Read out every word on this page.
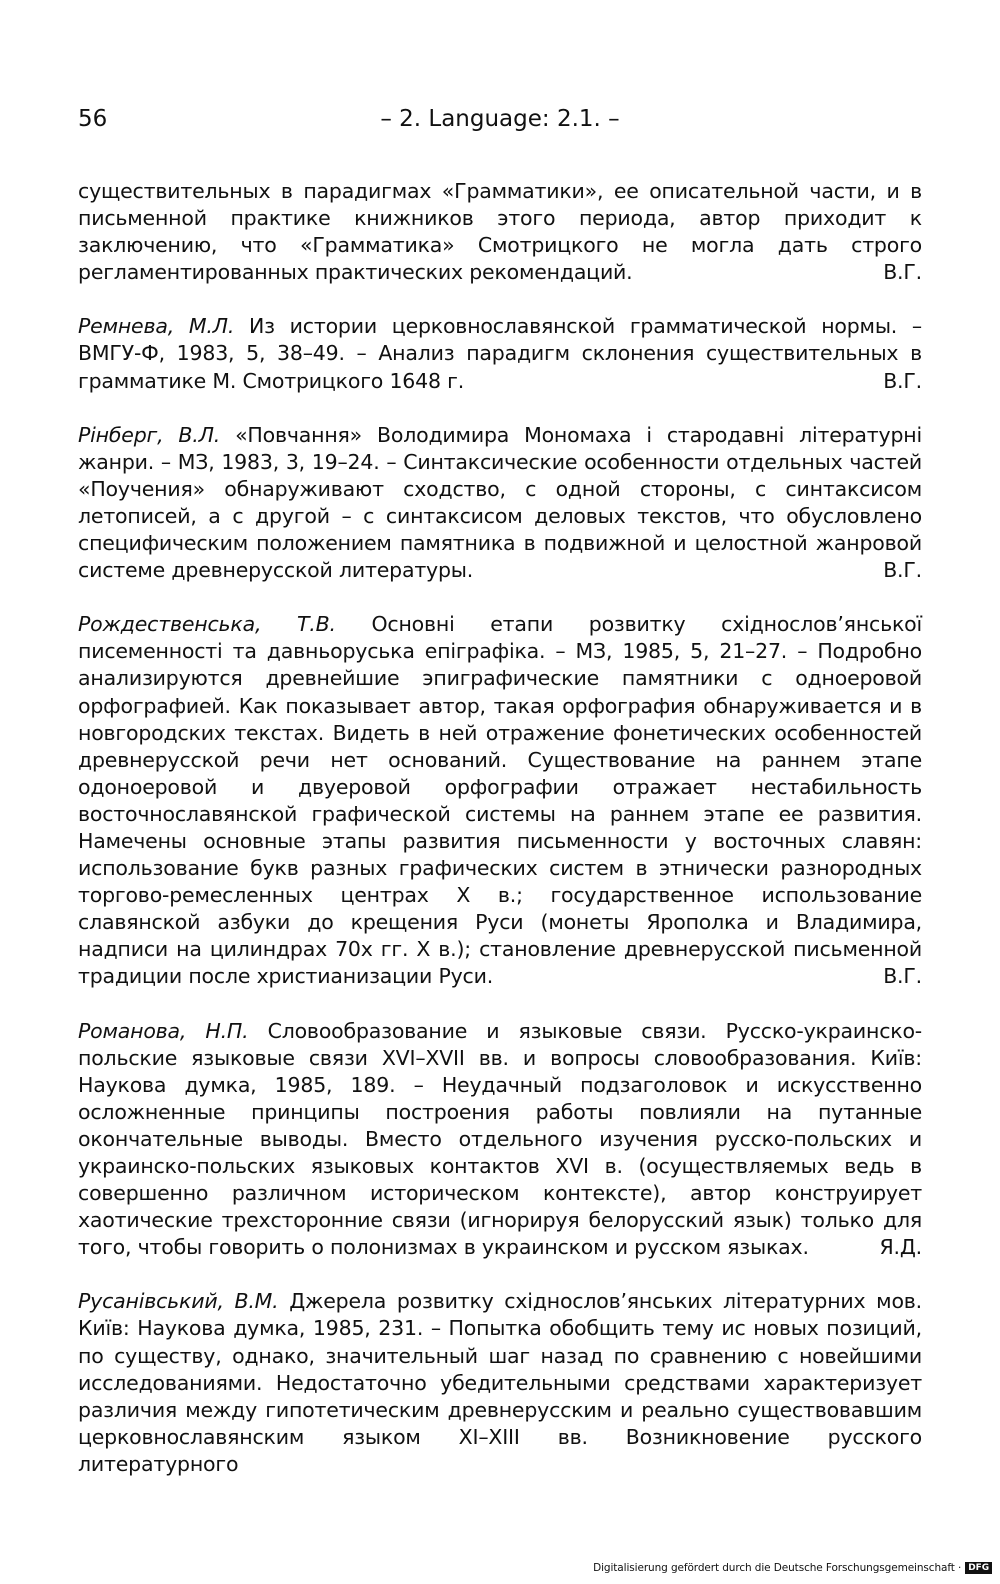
56	– 2. Language: 2.1. –

существительных в парадигмах «Грамматики», ее описательной части, и в письменной практике книжников этого периода, автор приходит к заключению, что «Грамматика» Смотрицкого не могла дать строго регламентированных практических рекомендаций.	В.Г.

Ремнева, М.Л. Из истории церковнославянской грамматической нормы. – ВМГУ-Ф, 1983, 5, 38–49. – Анализ парадигм склонения существительных в грамматике М. Смотрицкого 1648 г.	В.Г.

Рінберг, В.Л. «Повчання» Володимира Мономаха і стародавні літературні жанри. – МЗ, 1983, 3, 19–24. – Синтаксические особенности отдельных частей «Поучения» обнаруживают сходство, с одной стороны, с синтаксисом летописей, а с другой – с синтаксисом деловых текстов, что обусловлено специфическим положением памятника в подвижной и целостной жанровой системе древнерусской литературы.	В.Г.

Рождественська, Т.В. Основні етапи розвитку східнослов’янської писеменності та давньоруська епіграфіка. – МЗ, 1985, 5, 21–27. – Подробно анализируются древнейшие эпиграфические памятники с одноеровой орфографией. Как показывает автор, такая орфография обнаруживается и в новгородских текстах. Видеть в ней отражение фонетических особенностей древнерусской речи нет оснований. Существование на раннем этапе одоноеровой и двуеровой орфографии отражает нестабильность восточнославянской графической системы на раннем этапе ее развития. Намечены основные этапы развития письменности у восточных славян: использование букв разных графических систем в этнически разнородных торгово-ремесленных центрах X в.; государственное использование славянской азбуки до крещения Руси (монеты Ярополка и Владимира, надписи на цилиндрах 70х гг. X в.); становление древнерусской письменной традиции после христианизации Руси.	В.Г.

Романова, Н.П. Словообразование и языковые связи. Русско-украинско-польские языковые связи XVI–XVII вв. и вопросы словообразования. Київ: Наукова думка, 1985, 189. – Неудачный подзаголовок и искусственно осложненные принципы построения работы повлияли на путанные окончательные выводы. Вместо отдельного изучения русско-польских и украинско-польских языковых контактов XVI в. (осуществляемых ведь в совершенно различном историческом контексте), автор конструирует хаотические трехсторонние связи (игнорируя белорусский язык) только для того, чтобы говорить о полонизмах в украинском и русском языках.	Я.Д.

Русанівський, В.М. Джерела розвитку східнослов’янських літературних мов. Київ: Наукова думка, 1985, 231. – Попытка обобщить тему ис новых позиций, по существу, однако, значительный шаг назад по сравнению с новейшими исследованиями. Недостаточно убедительными средствами характеризует различия между гипотетическим древнерусским и реально существовавшим церковнославянским языком XI–XIII вв. Возникновение русского литературного

Digitalisierung gefördert durch die Deutsche Forschungsgemeinschaft · DFG
